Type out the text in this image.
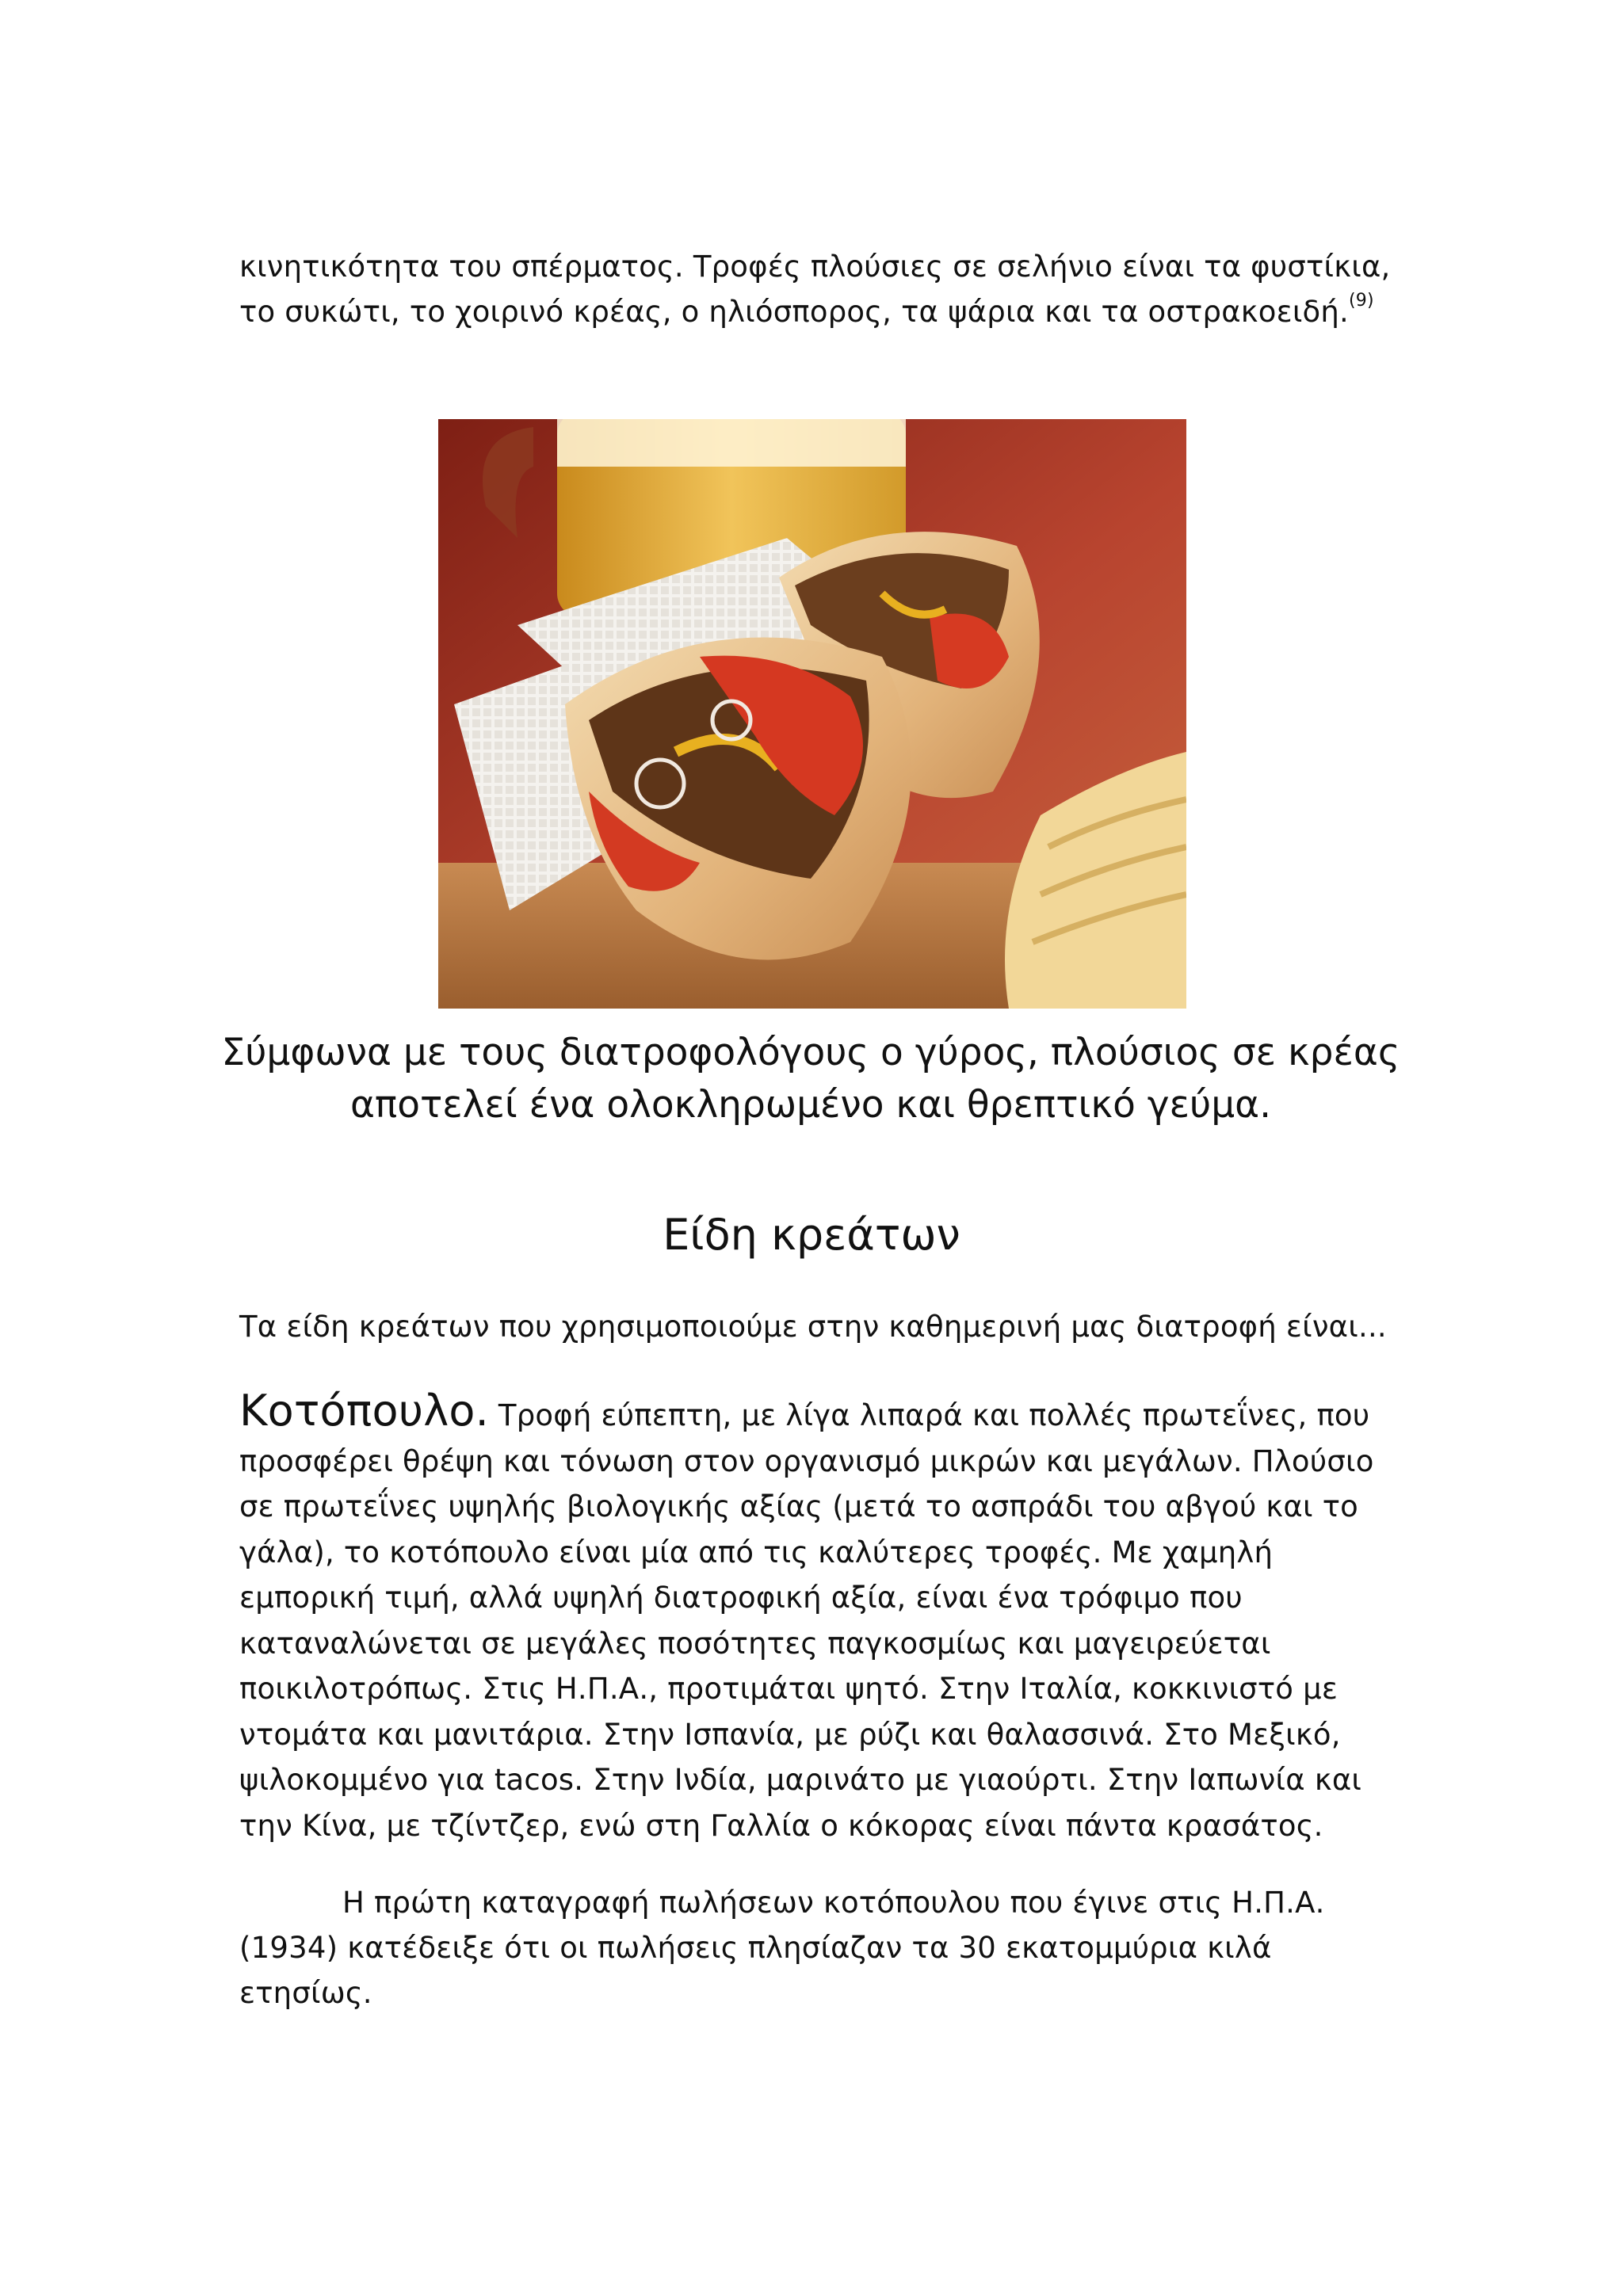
κινητικότητα του σπέρματος. Τροφές πλούσιες σε σελήνιο είναι τα φυστίκια, το συκώτι, το χοιρινό κρέας, ο ηλιόσπορος, τα ψάρια και τα οστρακοειδή.$^{(9)}$

Σύμφωνα με τους διατροφολόγους ο γύρος, πλούσιος σε κρέας
αποτελεί ένα ολοκληρωμένο και θρεπτικό γεύμα.

Είδη κρεάτων

Τα είδη κρεάτων που χρησιμοποιούμε στην καθημερινή μας διατροφή είναι...

Κοτόπουλο. Τροφή εύπεπτη, με λίγα λιπαρά και πολλές πρωτεΐνες, που προσφέρει θρέψη και τόνωση στον οργανισμό μικρών και μεγάλων. Πλούσιο σε πρωτεΐνες υψηλής βιολογικής αξίας (μετά το ασπράδι του αβγού και το γάλα), το κοτόπουλο είναι μία από τις καλύτερες τροφές. Με χαμηλή εμπορική τιμή, αλλά υψηλή διατροφική αξία, είναι ένα τρόφιμο που καταναλώνεται σε μεγάλες ποσότητες παγκοσμίως και μαγειρεύεται ποικιλοτρόπως. Στις Η.Π.Α., προτιμάται ψητό. Στην Ιταλία, κοκκινιστό με ντομάτα και μανιτάρια. Στην Ισπανία, με ρύζι και θαλασσινά. Στο Μεξικό, ψιλοκομμένο για tacos. Στην Ινδία, μαρινάτο με γιαούρτι. Στην Ιαπωνία και την Κίνα, με τζίντζερ, ενώ στη Γαλλία ο κόκορας είναι πάντα κρασάτος.

Η πρώτη καταγραφή πωλήσεων κοτόπουλου που έγινε στις Η.Π.Α. (1934) κατέδειξε ότι οι πωλήσεις πλησίαζαν τα 30 εκατομμύρια κιλά ετησίως.
